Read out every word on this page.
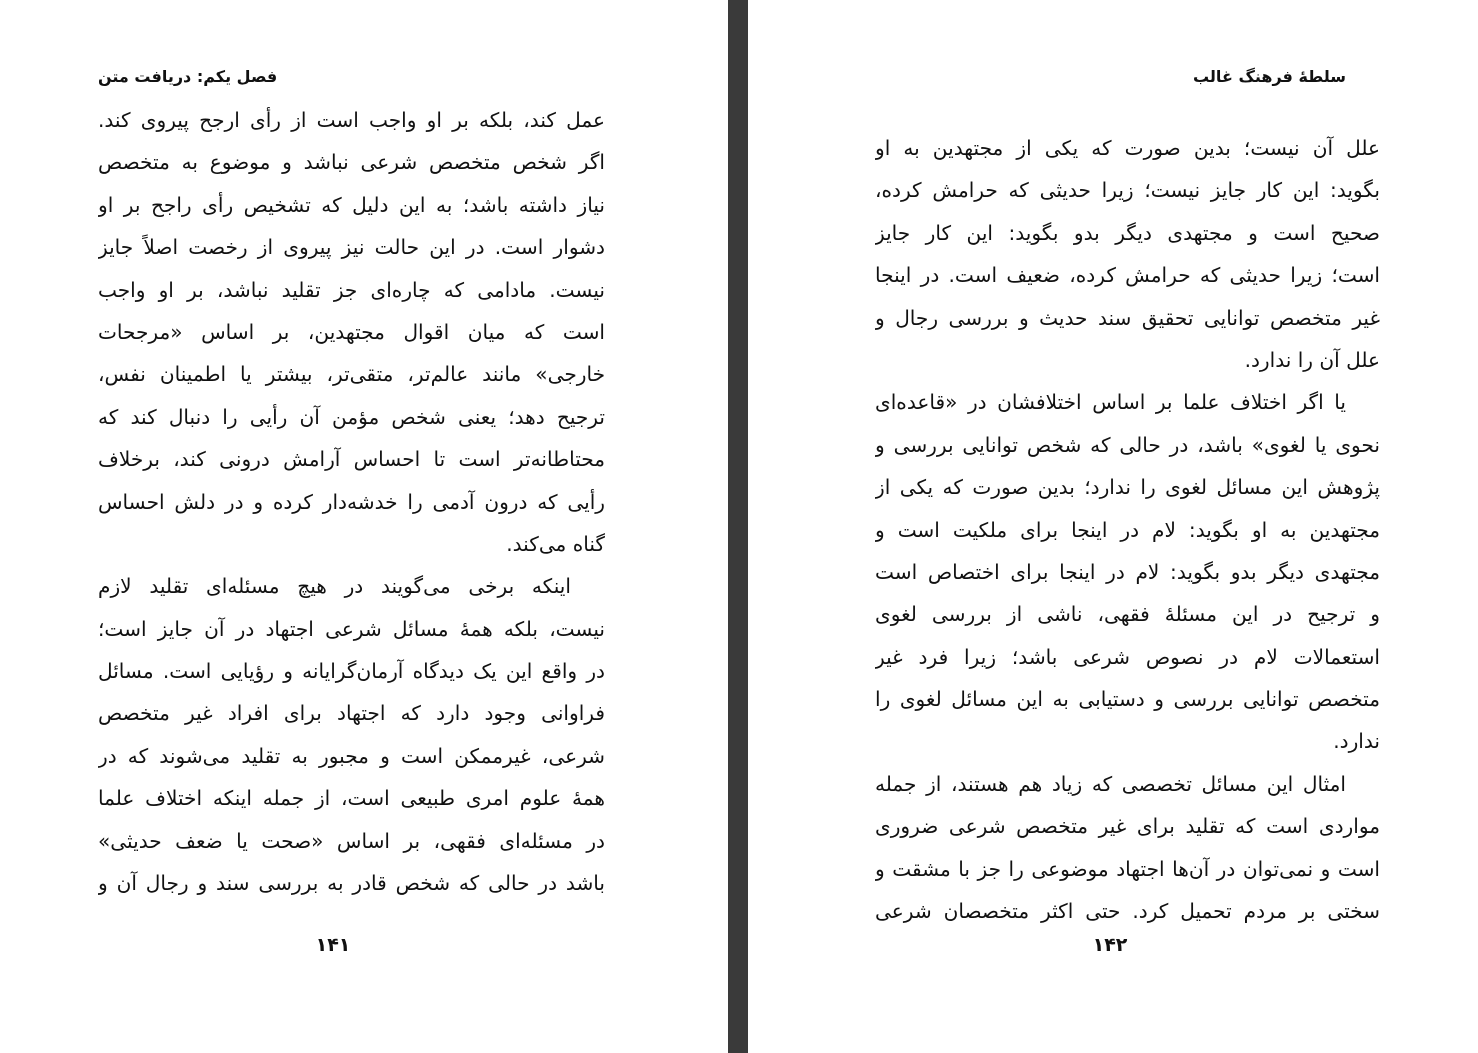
فصل یکم: دریافت متن
عمل کند، بلکه بر او واجب است از رأی ارجح پیروی کند.
اگر شخص متخصص شرعی نباشد و موضوع به متخصص
نیاز داشته باشد؛ به این دلیل که تشخیص رأی راجح بر او
دشوار است. در این حالت نیز پیروی از رخصت اصلاً جایز
نیست. مادامی که چاره‌ای جز تقلید نباشد، بر او واجب
است که میان اقوال مجتهدین، بر اساس «مرجحات
خارجی» مانند عالم‌تر، متقی‌تر، بیشتر یا اطمینان نفس،
ترجیح دهد؛ یعنی شخص مؤمن آن رأیی را دنبال کند که
محتاطانه‌تر است تا احساس آرامش درونی کند، برخلاف
رأیی که درون آدمی را خدشه‌دار کرده و در دلش احساس
گناه می‌کند.
اینکه برخی می‌گویند در هیچ مسئله‌ای تقلید لازم
نیست، بلکه همۀ مسائل شرعی اجتهاد در آن جایز است؛
در واقع این یک دیدگاه آرمان‌گرایانه و رؤیایی است. مسائل
فراوانی وجود دارد که اجتهاد برای افراد غیر متخصص
شرعی، غیرممکن است و مجبور به تقلید می‌شوند که در
همۀ علوم امری طبیعی است، از جمله اینکه اختلاف علما
در مسئله‌ای فقهی، بر اساس «صحت یا ضعف حدیثی»
باشد در حالی که شخص قادر به بررسی سند و رجال آن و
۱۴۱
سلطۀ فرهنگ غالب
علل آن نیست؛ بدین صورت که یکی از مجتهدین به او
بگوید: این کار جایز نیست؛ زیرا حدیثی که حرامش کرده،
صحیح است و مجتهدی دیگر بدو بگوید: این کار جایز
است؛ زیرا حدیثی که حرامش کرده، ضعیف است. در اینجا
غیر متخصص توانایی تحقیق سند حدیث و بررسی رجال و
علل آن را ندارد.
یا اگر اختلاف علما بر اساس اختلافشان در «قاعده‌ای
نحوی یا لغوی» باشد، در حالی که شخص توانایی بررسی و
پژوهش این مسائل لغوی را ندارد؛ بدین صورت که یکی از
مجتهدین به او بگوید: لام در اینجا برای ملکیت است و
مجتهدی دیگر بدو بگوید: لام در اینجا برای اختصاص است
و ترجیح در این مسئلۀ فقهی، ناشی از بررسی لغوی
استعمالات لام در نصوص شرعی باشد؛ زیرا فرد غیر
متخصص توانایی بررسی و دستیابی به این مسائل لغوی را
ندارد.
امثال این مسائل تخصصی که زیاد هم هستند، از جمله
مواردی است که تقلید برای غیر متخصص شرعی ضروری
است و نمی‌توان در آن‌ها اجتهاد موضوعی را جز با مشقت و
سختی بر مردم تحمیل کرد. حتی اکثر متخصصان شرعی
۱۴۲
